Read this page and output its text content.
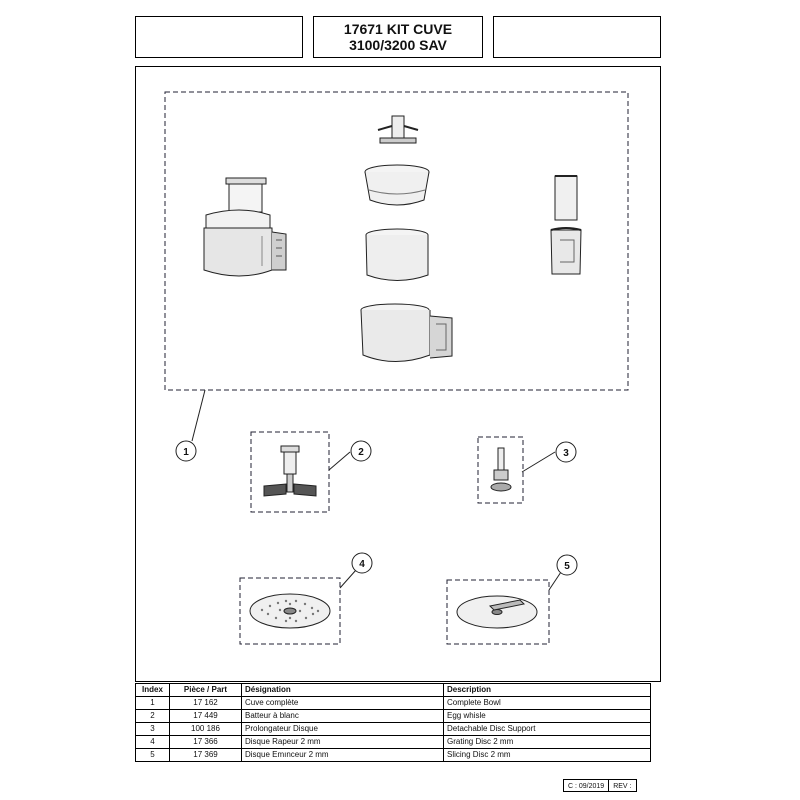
17671 KIT CUVE
3100/3200 SAV
1	2	3
4	5
Index	Pièce / Part	Désignation	Description
1	17 162	Cuve complète	Complete Bowl
2	17 449	Batteur à blanc	Egg whisle
3	100 186	Prolongateur Disque	Detachable Disc Support
4	17 366	Disque Rapeur 2 mm	Grating Disc 2 mm
5	17 369	Disque Emınceur 2 mm	Slicing Disc 2 mm
C : 09/2019	REV :
